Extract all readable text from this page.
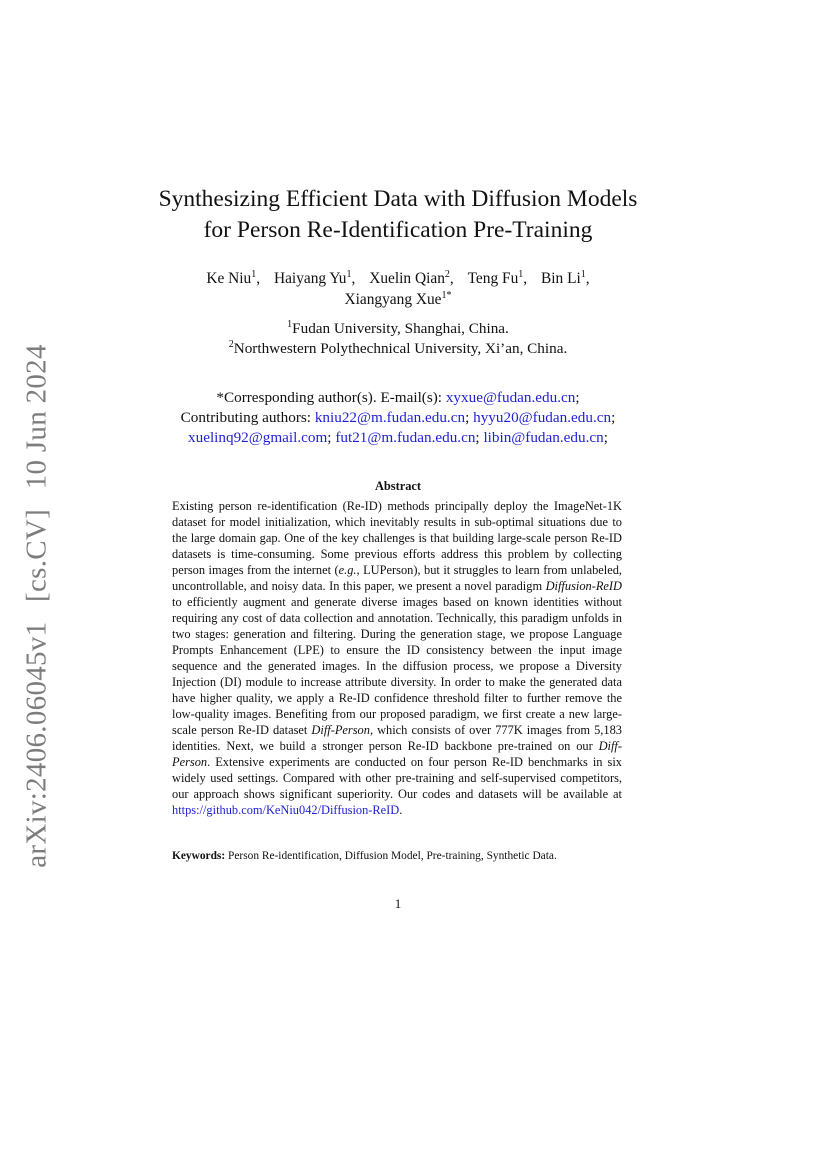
arXiv:2406.06045v1 [cs.CV] 10 Jun 2024
Synthesizing Efficient Data with Diffusion Models
for Person Re-Identification Pre-Training
Ke Niu$^1$, Haiyang Yu$^1$, Xuelin Qian$^2$, Teng Fu$^1$, Bin Li$^1$,
Xiangyang Xue$^{1*}$
$^1$Fudan University, Shanghai, China.
$^2$Northwestern Polythechnical University, Xi’an, China.
*Corresponding author(s). E-mail(s): xyxue@fudan.edu.cn;
Contributing authors: kniu22@m.fudan.edu.cn; hyyu20@fudan.edu.cn;
xuelinq92@gmail.com; fut21@m.fudan.edu.cn; libin@fudan.edu.cn;
Abstract
Existing person re-identification (Re-ID) methods principally deploy the ImageNet-1K dataset for model initialization, which inevitably results in sub-optimal situations due to the large domain gap. One of the key challenges is that building large-scale person Re-ID datasets is time-consuming. Some previous efforts address this problem by collecting person images from the internet (e.g., LUPerson), but it struggles to learn from unlabeled, uncontrollable, and noisy data. In this paper, we present a novel paradigm Diffusion-ReID to efficiently augment and generate diverse images based on known identities without requiring any cost of data collection and annotation. Technically, this paradigm unfolds in two stages: generation and filtering. During the generation stage, we propose Language Prompts Enhancement (LPE) to ensure the ID consistency between the input image sequence and the generated images. In the diffusion process, we propose a Diversity Injection (DI) module to increase attribute diversity. In order to make the generated data have higher quality, we apply a Re-ID confidence threshold filter to further remove the low-quality images. Benefiting from our proposed paradigm, we first create a new large-scale person Re-ID dataset Diff-Person, which consists of over 777K images from 5,183 identities. Next, we build a stronger person Re-ID backbone pre-trained on our Diff-Person. Extensive experiments are conducted on four person Re-ID benchmarks in six widely used settings. Compared with other pre-training and self-supervised competitors, our approach shows significant superiority. Our codes and datasets will be available at https://github.com/KeNiu042/Diffusion-ReID.
Keywords: Person Re-identification, Diffusion Model, Pre-training, Synthetic Data.
1
